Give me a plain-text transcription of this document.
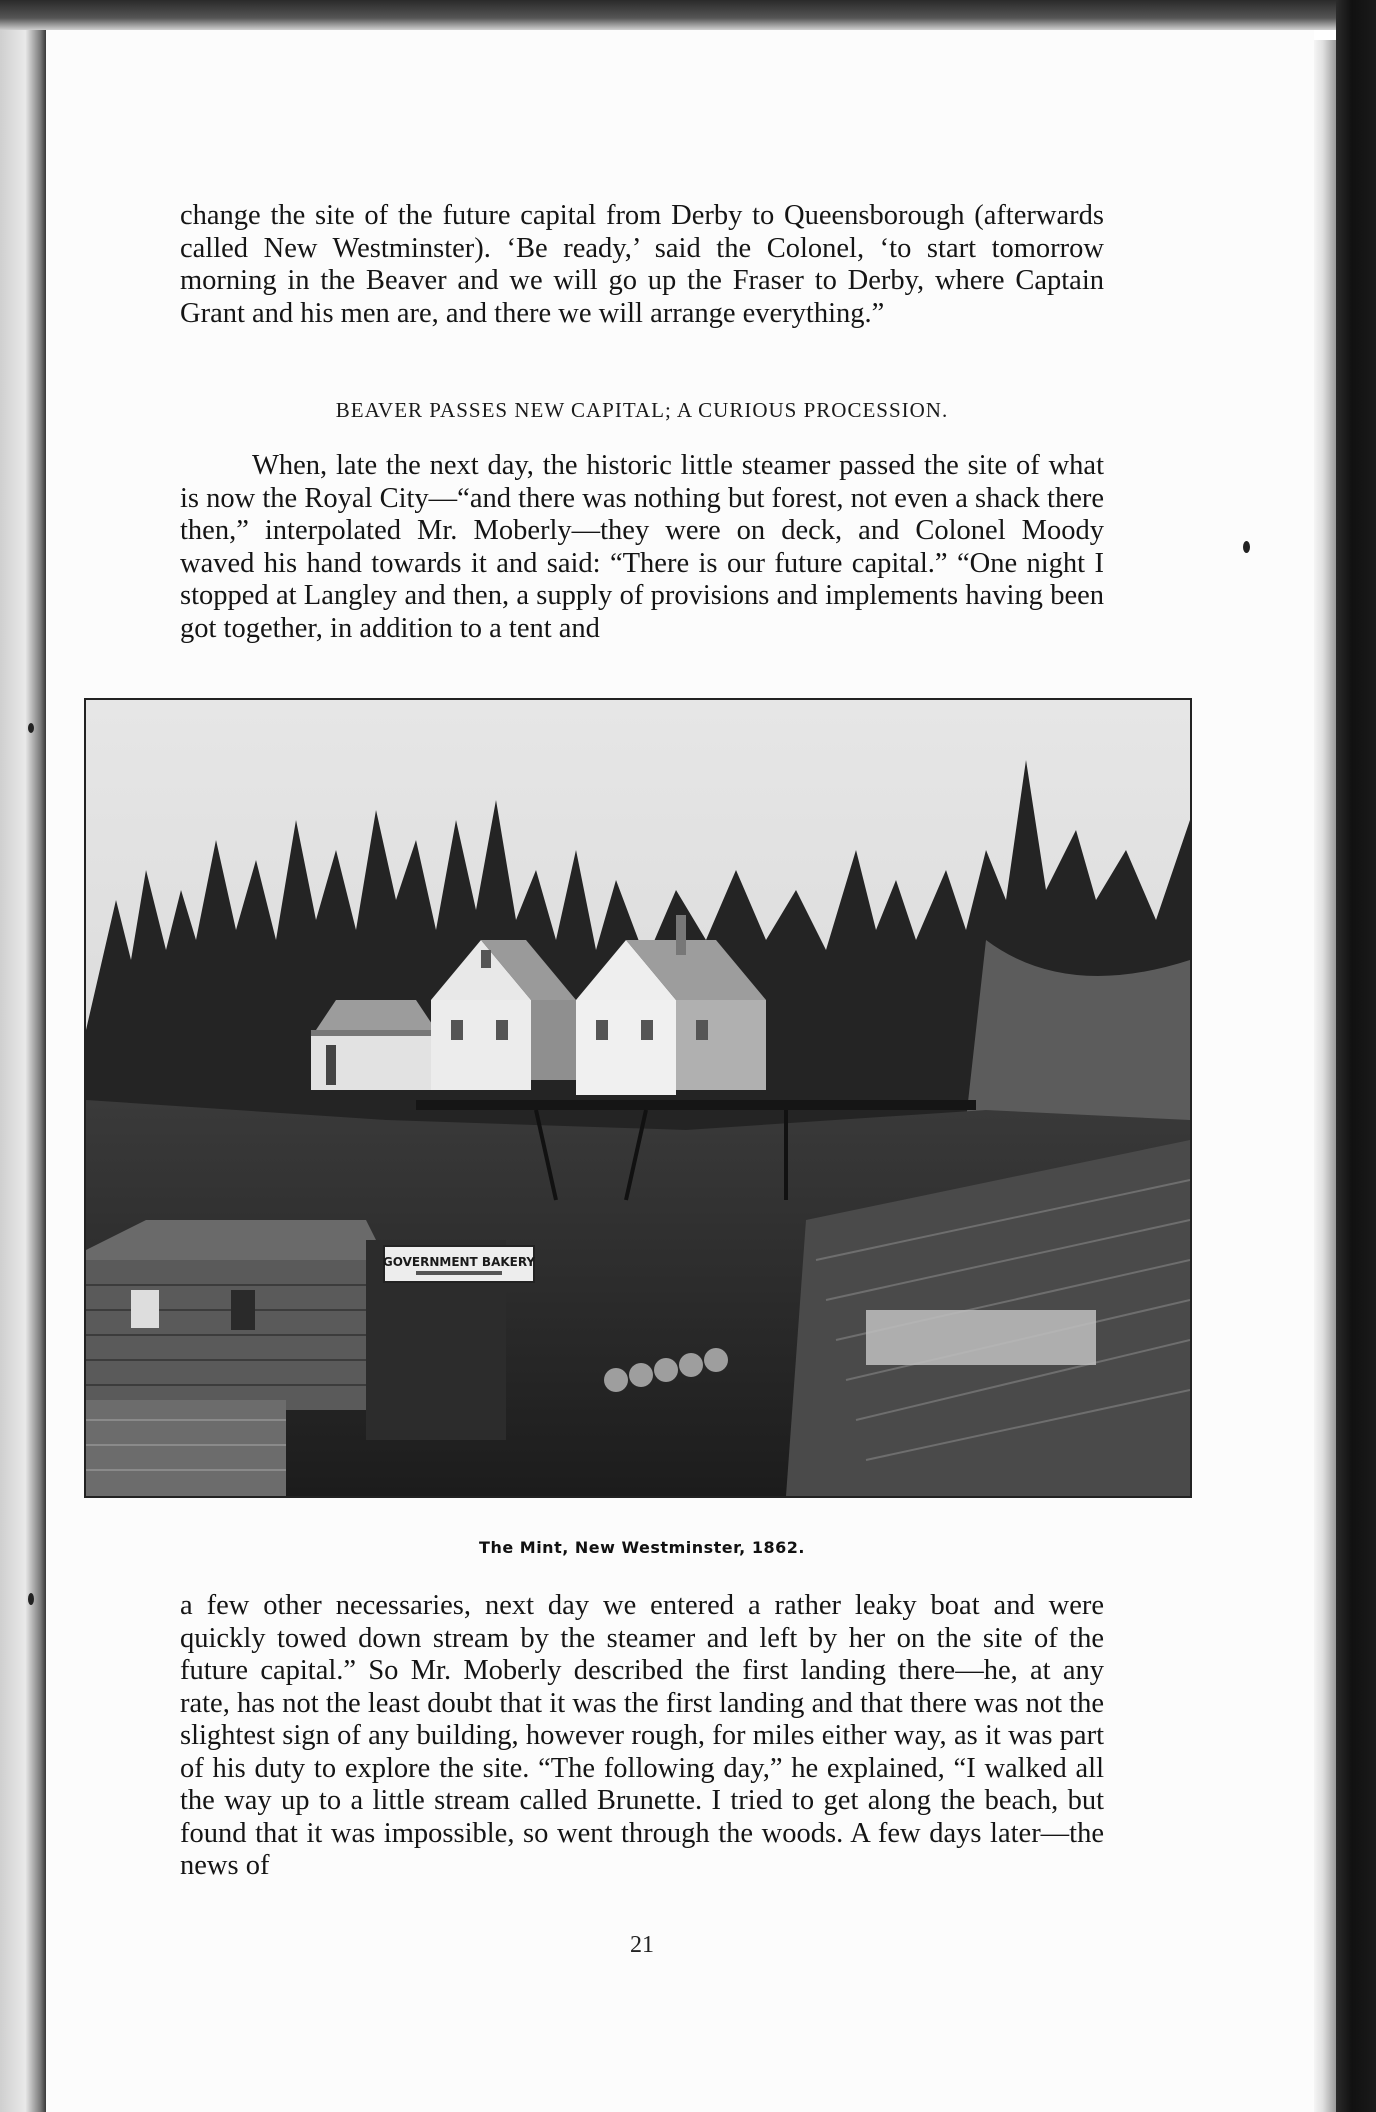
change the site of the future capital from Derby to Queensborough (afterwards called New Westminster). ‘Be ready,’ said the Colonel, ‘to start tomorrow morning in the Beaver and we will go up the Fraser to Derby, where Captain Grant and his men are, and there we will arrange everything.”

BEAVER PASSES NEW CAPITAL; A CURIOUS PROCESSION.

When, late the next day, the historic little steamer passed the site of what is now the Royal City—“and there was nothing but forest, not even a shack there then,” interpolated Mr. Moberly—they were on deck, and Colonel Moody waved his hand towards it and said: “There is our future capital.” “One night I stopped at Langley and then, a supply of provisions and implements having been got together, in addition to a tent and

GOVERNMENT BAKERY

The Mint, New Westminster, 1862.

a few other necessaries, next day we entered a rather leaky boat and were quickly towed down stream by the steamer and left by her on the site of the future capital.” So Mr. Moberly described the first landing there—he, at any rate, has not the least doubt that it was the first landing and that there was not the slightest sign of any building, however rough, for miles either way, as it was part of his duty to explore the site. “The following day,” he explained, “I walked all the way up to a little stream called Brunette. I tried to get along the beach, but found that it was impossible, so went through the woods. A few days later—the news of

21
